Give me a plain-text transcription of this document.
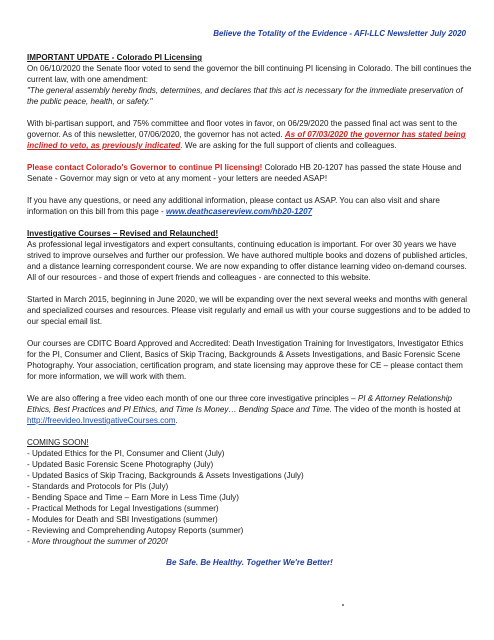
Believe the Totality of the Evidence - AFI-LLC Newsletter July 2020
IMPORTANT UPDATE - Colorado PI Licensing
On 06/10/2020 the Senate floor voted to send the governor the bill continuing PI licensing in Colorado. The bill continues the current law, with one amendment:

"The general assembly hereby finds, determines, and declares that this act is necessary for the immediate preservation of the public peace, health, or safety."

With bi-partisan support, and 75% committee and floor votes in favor, on 06/29/2020 the passed final act was sent to the governor. As of this newsletter, 07/06/2020, the governor has not acted. As of 07/03/2020 the governor has stated being inclined to veto, as previously indicated. We are asking for the full support of clients and colleagues.

Please contact Colorado's Governor to continue PI licensing! Colorado HB 20-1207 has passed the state House and Senate - Governor may sign or veto at any moment - your letters are needed ASAP!

If you have any questions, or need any additional information, please contact us ASAP. You can also visit and share information on this bill from this page - www.deathcasereview.com/hb20-1207

Investigative Courses – Revised and Relaunched!

As professional legal investigators and expert consultants, continuing education is important. For over 30 years we have strived to improve ourselves and further our profession. We have authored multiple books and dozens of published articles, and a distance learning correspondent course. We are now expanding to offer distance learning video on-demand courses. All of our resources - and those of expert friends and colleagues - are connected to this website.

Started in March 2015, beginning in June 2020, we will be expanding over the next several weeks and months with general and specialized courses and resources. Please visit regularly and email us with your course suggestions and to be added to our special email list.

Our courses are CDITC Board Approved and Accredited: Death Investigation Training for Investigators, Investigator Ethics for the PI, Consumer and Client, Basics of Skip Tracing, Backgrounds & Assets Investigations, and Basic Forensic Scene Photography. Your association, certification program, and state licensing may approve these for CE – please contact them for more information, we will work with them.

We are also offering a free video each month of one our three core investigative principles – PI & Attorney Relationship Ethics, Best Practices and PI Ethics, and Time Is Money… Bending Space and Time. The video of the month is hosted at http://freevideo.InvestigativeCourses.com.

COMING SOON!
- Updated Ethics for the PI, Consumer and Client (July)
- Updated Basic Forensic Scene Photography (July)
- Updated Basics of Skip Tracing, Backgrounds & Assets Investigations (July)
- Standards and Protocols for PIs (July)
- Bending Space and Time – Earn More in Less Time (July)
- Practical Methods for Legal Investigations (summer)
- Modules for Death and SBI Investigations (summer)
- Reviewing and Comprehending Autopsy Reports (summer)
- More throughout the summer of 2020!
Be Safe. Be Healthy. Together We're Better!
